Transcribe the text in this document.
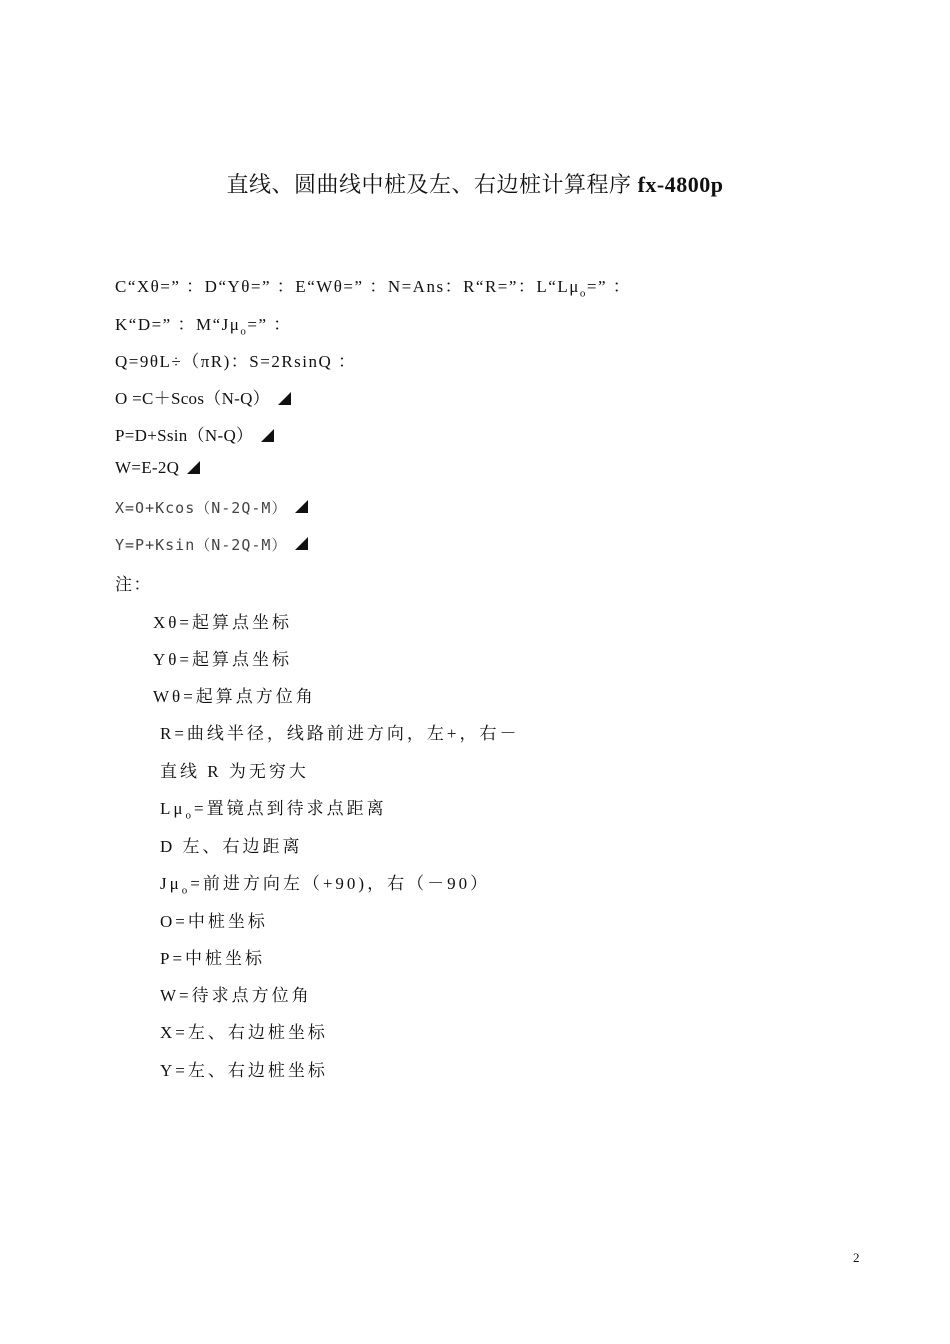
直线、圆曲线中桩及左、右边桩计算程序 fx-4800p
C“Xθ=” ：D“Yθ=” ：E“Wθ=” ：N=Ans：R“R=”：$L“L\mu_o=$” ：
K“D=” ：$M“J\mu_o=$” ：
Q=9θL÷（πR)：S=2RsinQ ：
O =C＋Scos（N-Q）
P=D+Ssin（N-Q）
W=E-2Q
X=O+Kcos（N-2Q-M）
Y=P+Ksin（N-2Q-M）
注：
Xθ=起算点坐标
Yθ=起算点坐标
Wθ=起算点方位角
R=曲线半径，线路前进方向，左+，右－
直线 R 为无穷大
$L\mu_o=$置镜点到待求点距离
D 左、右边距离
$J\mu_o=$前进方向左（+90)，右（－90）
O=中桩坐标
P=中桩坐标
W=待求点方位角
X=左、右边桩坐标
Y=左、右边桩坐标
2
